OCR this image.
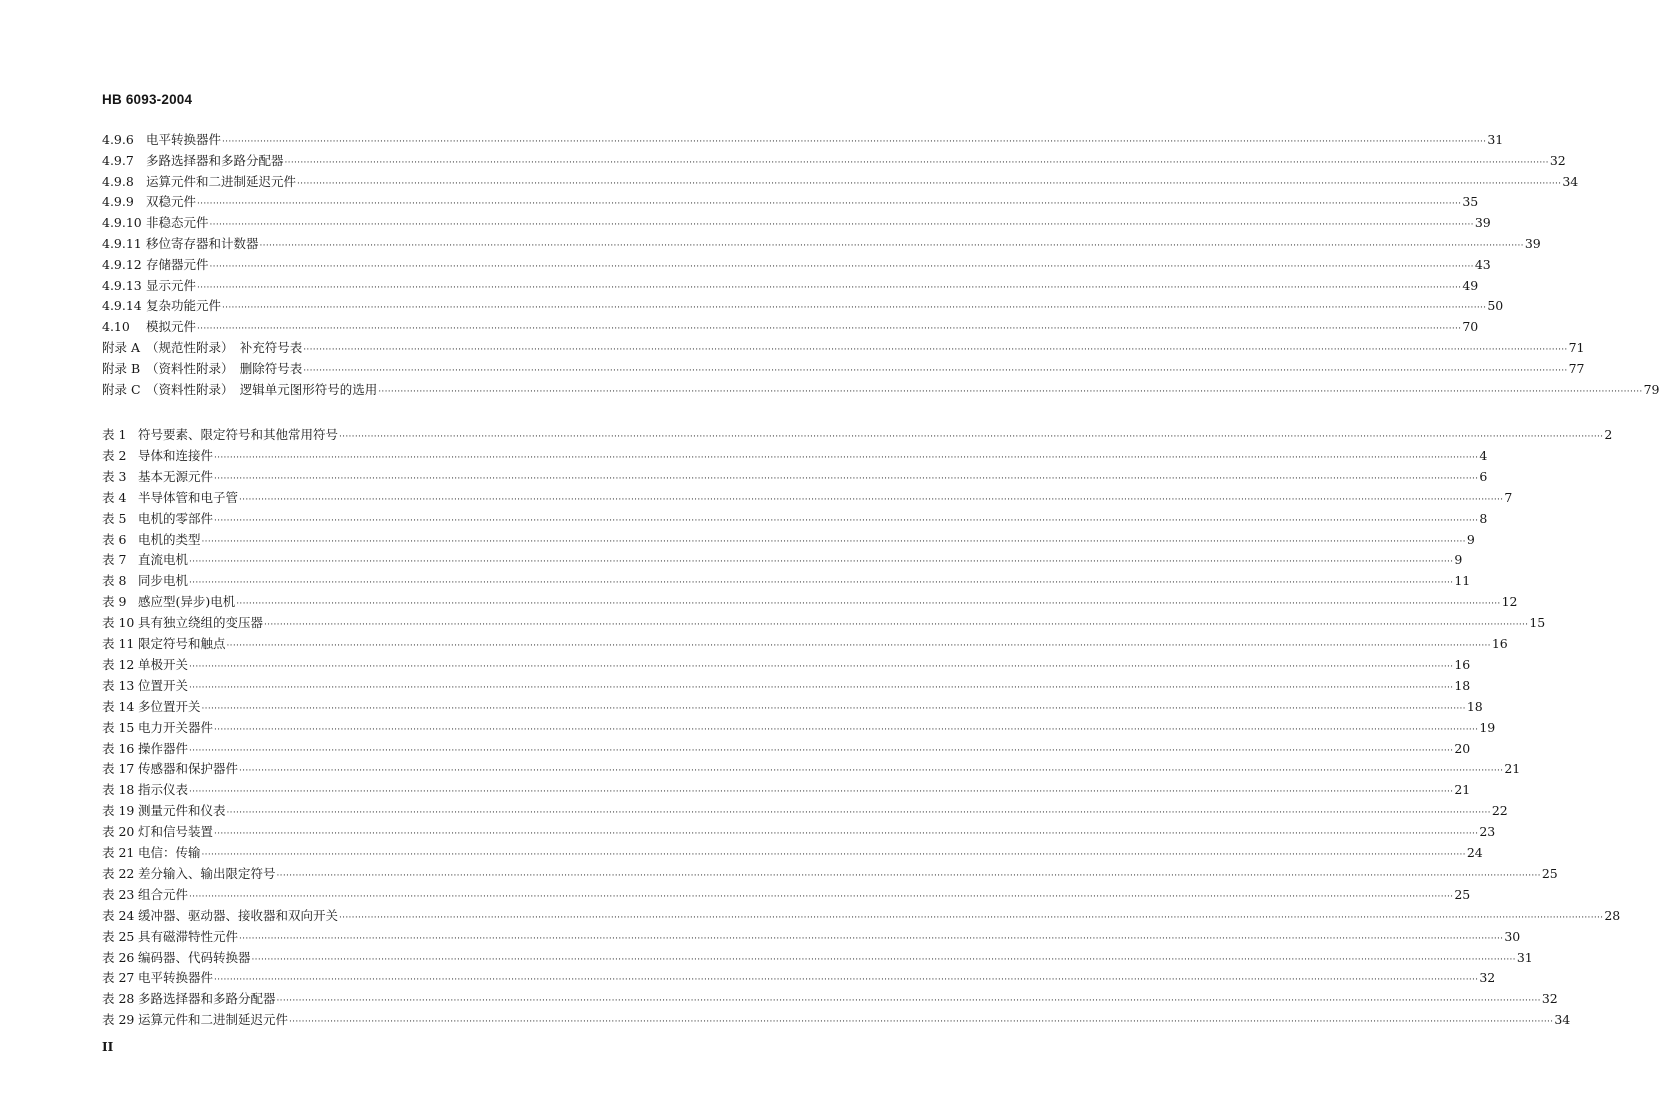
HB 6093-2004
4.9.6 电平转换器件 ················································································································································································································································································································································································································ 31
4.9.7 多路选择器和多路分配器 ················································································································································································································································································································································································································ 32
4.9.8 运算元件和二进制延迟元件 ················································································································································································································································································································································································································ 34
4.9.9 双稳元件 ················································································································································································································································································································································································································ 35
4.9.10 非稳态元件 ················································································································································································································································································································································································································ 39
4.9.11 移位寄存器和计数器 ················································································································································································································································································································································································································ 39
4.9.12 存储器元件 ················································································································································································································································································································································································································ 43
4.9.13 显示元件 ················································································································································································································································································································································································································ 49
4.9.14 复杂功能元件 ················································································································································································································································································································································································································ 50
4.10 模拟元件 ················································································································································································································································································································································································································ 70
附录 A （规范性附录）　补充符号表 ················································································································································································································································································································································································································ 71
附录 B （资料性附录）　删除符号表 ················································································································································································································································································································································································································ 77
附录 C （资料性附录）　逻辑单元图形符号的选用 ················································································································································································································································································································································································································ 79
表 1 符号要素、限定符号和其他常用符号 ················································································································································································································································································································································································································ 2
表 2 导体和连接件 ················································································································································································································································································································································································································ 4
表 3 基本无源元件 ················································································································································································································································································································································································································ 6
表 4 半导体管和电子管 ················································································································································································································································································································································································································ 7
表 5 电机的零部件 ················································································································································································································································································································································································································ 8
表 6 电机的类型 ················································································································································································································································································································································································································ 9
表 7 直流电机 ················································································································································································································································································································································································································ 9
表 8 同步电机 ················································································································································································································································································································································································································ 11
表 9 感应型(异步)电机 ················································································································································································································································································································································································································ 12
表 10 具有独立绕组的变压器 ················································································································································································································································································································································································································ 15
表 11 限定符号和触点 ················································································································································································································································································································································································································ 16
表 12 单极开关 ················································································································································································································································································································································································································ 16
表 13 位置开关 ················································································································································································································································································································································································································ 18
表 14 多位置开关 ················································································································································································································································································································································································································ 18
表 15 电力开关器件 ················································································································································································································································································································································································································ 19
表 16 操作器件 ················································································································································································································································································································································································································ 20
表 17 传感器和保护器件 ················································································································································································································································································································································································································ 21
表 18 指示仪表 ················································································································································································································································································································································································································ 21
表 19 测量元件和仪表 ················································································································································································································································································································································································································ 22
表 20 灯和信号装置 ················································································································································································································································································································································································································ 23
表 21 电信：传输 ················································································································································································································································································································································································································ 24
表 22 差分输入、输出限定符号 ················································································································································································································································································································································································································ 25
表 23 组合元件 ················································································································································································································································································································································································································ 25
表 24 缓冲器、驱动器、接收器和双向开关 ················································································································································································································································································································································································································ 28
表 25 具有磁滞特性元件 ················································································································································································································································································································································································································ 30
表 26 编码器、代码转换器 ················································································································································································································································································································································································································ 31
表 27 电平转换器件 ················································································································································································································································································································································································································ 32
表 28 多路选择器和多路分配器 ················································································································································································································································································································································································································ 32
表 29 运算元件和二进制延迟元件 ················································································································································································································································································································································································································ 34
II
